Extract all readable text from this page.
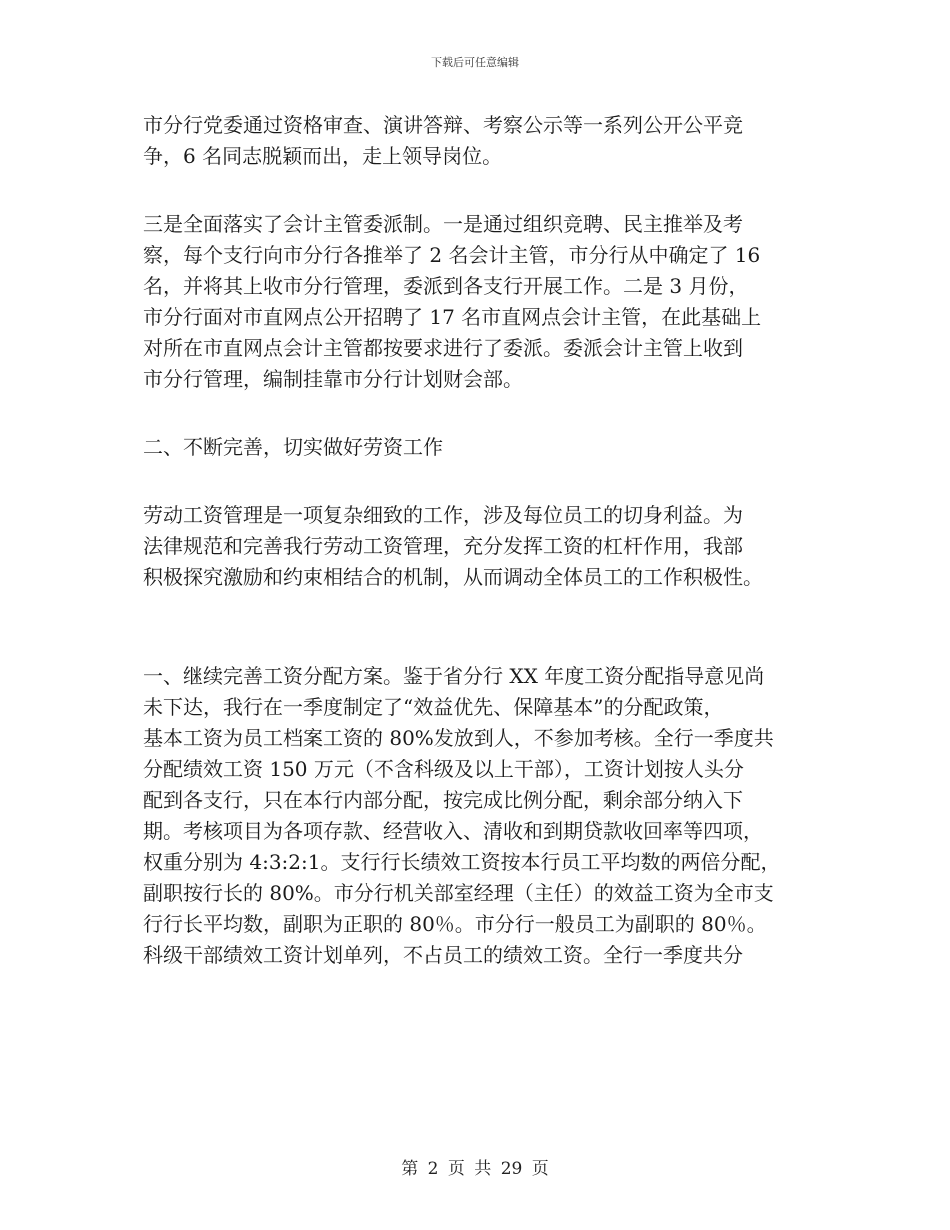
下载后可任意编辑
市分行党委通过资格审查、演讲答辩、考察公示等一系列公开公平竞
争，6 名同志脱颖而出，走上领导岗位。
三是全面落实了会计主管委派制。一是通过组织竞聘、民主推举及考
察，每个支行向市分行各推举了 2 名会计主管，市分行从中确定了 16
名，并将其上收市分行管理，委派到各支行开展工作。二是 3 月份，
市分行面对市直网点公开招聘了 17 名市直网点会计主管，在此基础上
对所在市直网点会计主管都按要求进行了委派。委派会计主管上收到
市分行管理，编制挂靠市分行计划财会部。
二、不断完善，切实做好劳资工作
劳动工资管理是一项复杂细致的工作，涉及每位员工的切身利益。为
法律规范和完善我行劳动工资管理，充分发挥工资的杠杆作用，我部
积极探究激励和约束相结合的机制，从而调动全体员工的工作积极性。
一、继续完善工资分配方案。鉴于省分行 XX 年度工资分配指导意见尚
未下达，我行在一季度制定了“效益优先、保障基本”的分配政策，
基本工资为员工档案工资的 80%发放到人，不参加考核。全行一季度共
分配绩效工资 150 万元（不含科级及以上干部），工资计划按人头分
配到各支行，只在本行内部分配，按完成比例分配，剩余部分纳入下
期。考核项目为各项存款、经营收入、清收和到期贷款收回率等四项，
权重分别为 4:3:2:1。支行行长绩效工资按本行员工平均数的两倍分配，
副职按行长的 80%。市分行机关部室经理（主任）的效益工资为全市支
行行长平均数，副职为正职的 80％。市分行一般员工为副职的 80％。
科级干部绩效工资计划单列，不占员工的绩效工资。全行一季度共分
第 2 页 共 29 页
